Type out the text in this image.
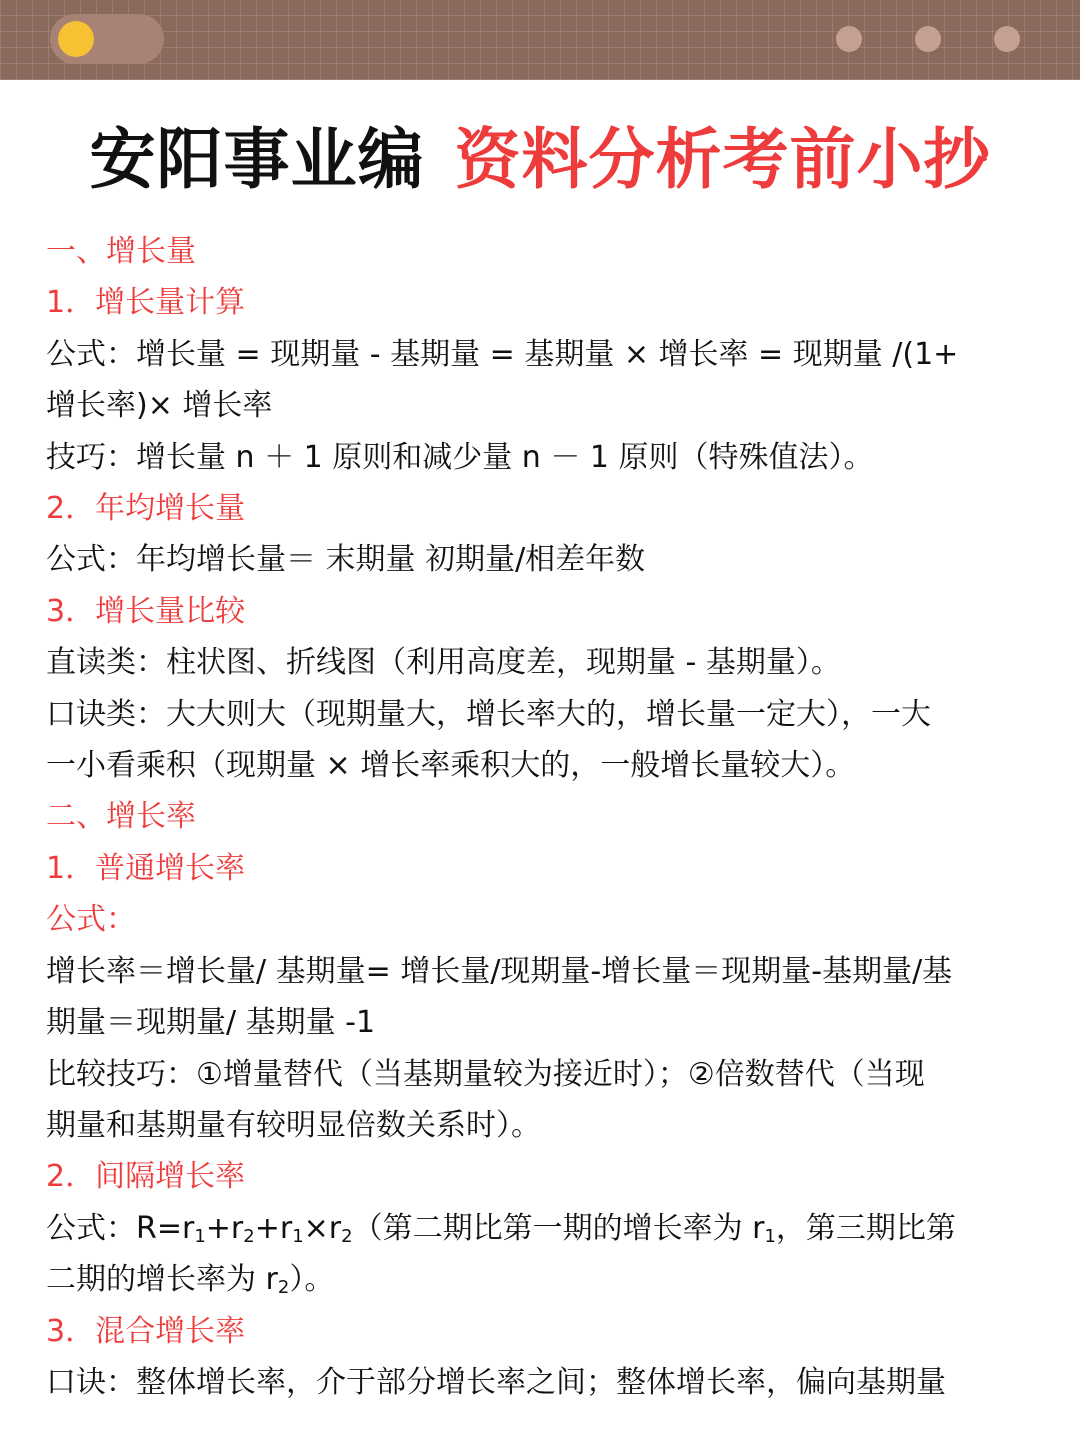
安阳事业编 资料分析考前小抄
一、增长量
1．增长量计算
公式：增长量 = 现期量 - 基期量 = 基期量 × 增长率 = 现期量 /(1+
增长率)× 增长率
技巧：增长量 n ＋ 1 原则和减少量 n － 1 原则（特殊值法）。
2．年均增长量
公式：年均增长量＝ 末期量 初期量/相差年数
3．增长量比较
直读类：柱状图、折线图（利用高度差，现期量 - 基期量）。
口诀类：大大则大（现期量大，增长率大的，增长量一定大），一大
一小看乘积（现期量 × 增长率乘积大的，一般增长量较大）。
二、增长率
1．普通增长率
公式：
增长率＝增长量/ 基期量= 增长量/现期量-增长量＝现期量-基期量/基
期量＝现期量/ 基期量 -1
比较技巧：①增量替代（当基期量较为接近时）；②倍数替代（当现
期量和基期量有较明显倍数关系时）。
2．间隔增长率
公式：$R=r_1+r_2+r_1\times r_2$（第二期比第一期的增长率为 $r_1$，第三期比第
二期的增长率为 $r_2$）。
3．混合增长率
口诀：整体增长率，介于部分增长率之间；整体增长率，偏向基期量
